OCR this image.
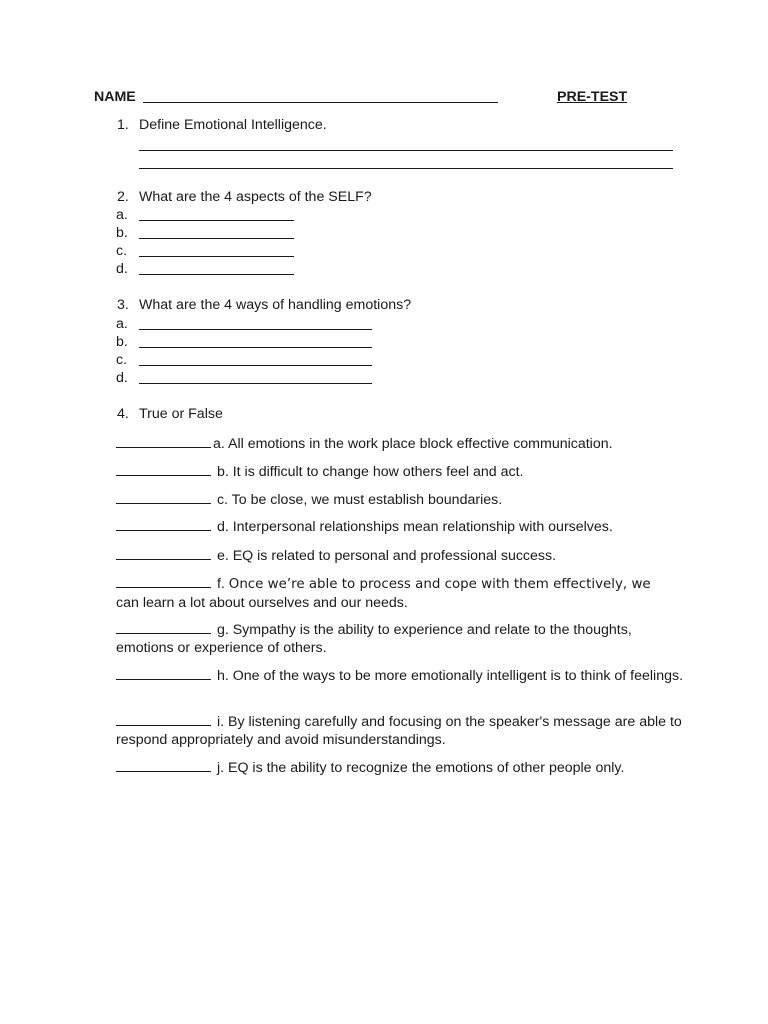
NAME	PRE-TEST
1. Define Emotional Intelligence.
2. What are the 4 aspects of the SELF?
a.
b.
c.
d.
3. What are the 4 ways of handling emotions?
a.
b.
c.
d.
4. True or False
a. All emotions in the work place block effective communication.
b. It is difficult to change how others feel and act.
c. To be close, we must establish boundaries.
d. Interpersonal relationships mean relationship with ourselves.
e. EQ is related to personal and professional success.
f. Once we’re able to process and cope with them effectively, we
can learn a lot about ourselves and our needs.
g. Sympathy is the ability to experience and relate to the thoughts, emotions or experience of others.
h. One of the ways to be more emotionally intelligent is to think of feelings.
i. By listening carefully and focusing on the speaker's message are able to respond appropriately and avoid misunderstandings.
j. EQ is the ability to recognize the emotions of other people only.
